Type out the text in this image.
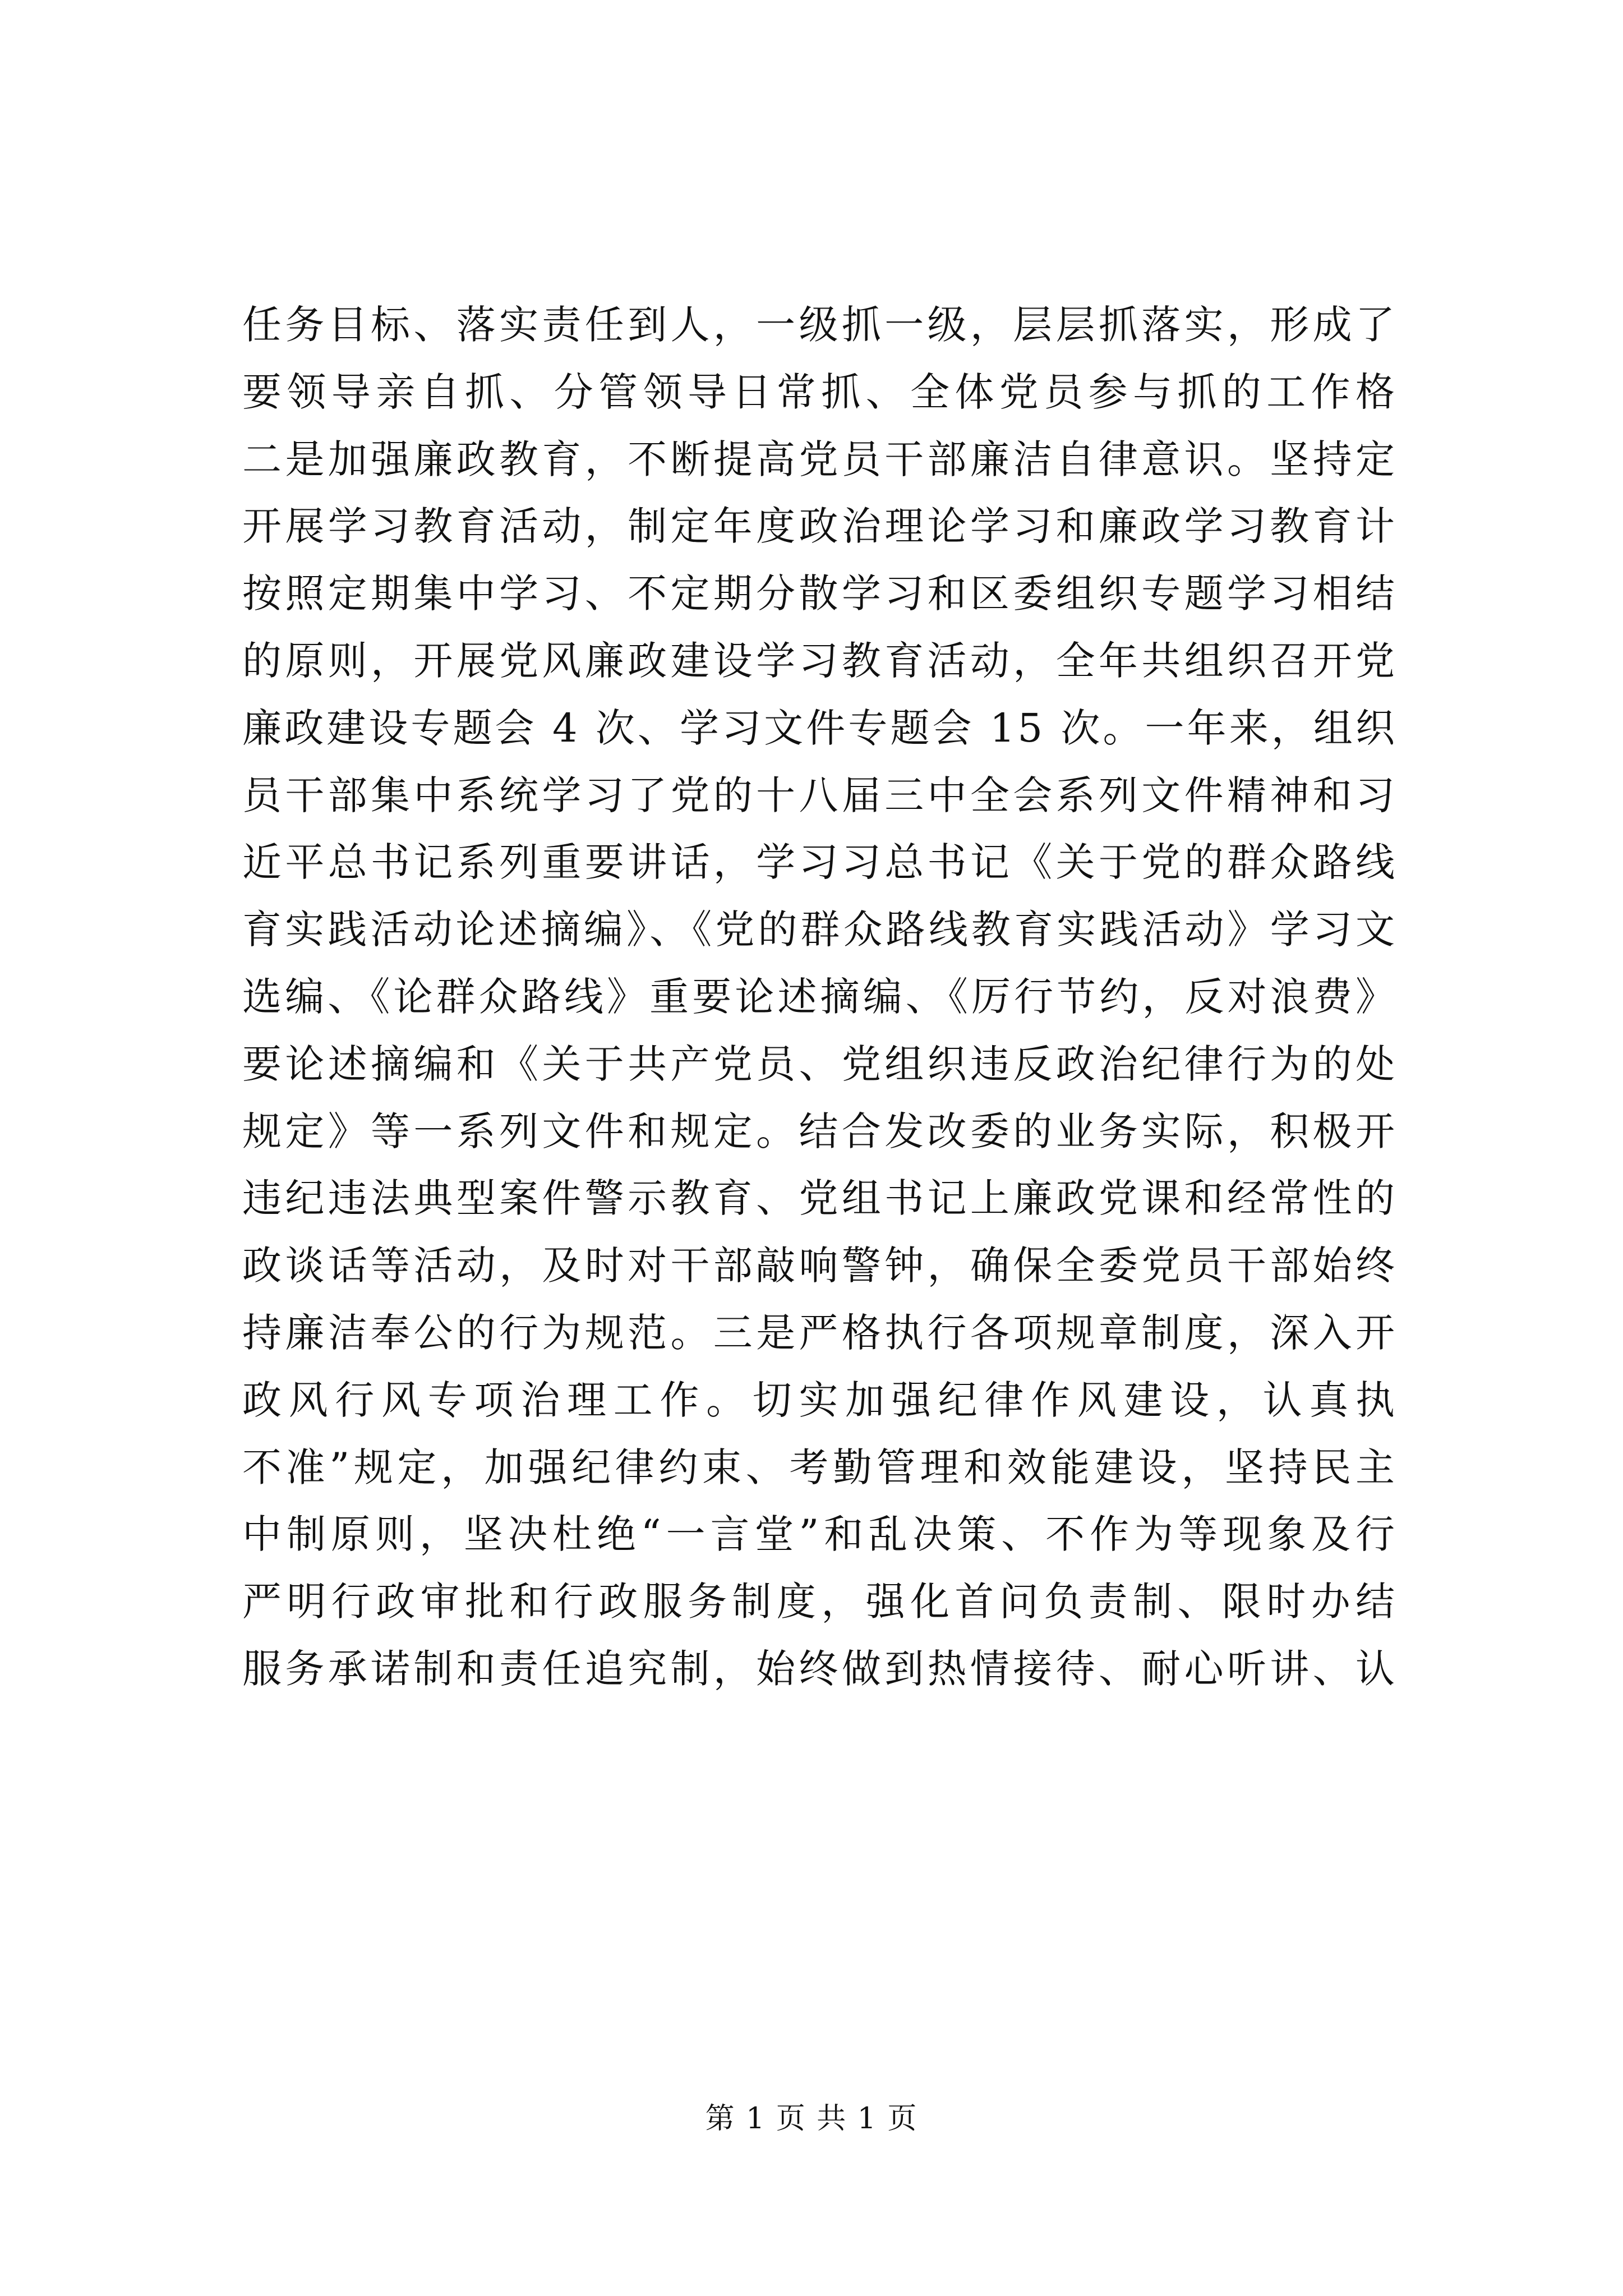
任务目标、落实责任到人，一级抓一级，层层抓落实，形成了
要领导亲自抓、分管领导日常抓、全体党员参与抓的工作格
二是加强廉政教育，不断提高党员干部廉洁自律意识。坚持定
开展学习教育活动，制定年度政治理论学习和廉政学习教育计
按照定期集中学习、不定期分散学习和区委组织专题学习相结
的原则，开展党风廉政建设学习教育活动，全年共组织召开党
廉政建设专题会 4 次、学习文件专题会 15 次。一年来，组织
员干部集中系统学习了党的十八届三中全会系列文件精神和习
近平总书记系列重要讲话，学习习总书记《关于党的群众路线
育实践活动论述摘编》、《党的群众路线教育实践活动》学习文
选编、《论群众路线》重要论述摘编、《厉行节约，反对浪费》
要论述摘编和《关于共产党员、党组织违反政治纪律行为的处
规定》等一系列文件和规定。结合发改委的业务实际，积极开
违纪违法典型案件警示教育、党组书记上廉政党课和经常性的
政谈话等活动，及时对干部敲响警钟，确保全委党员干部始终
持廉洁奉公的行为规范。三是严格执行各项规章制度，深入开
政风行风专项治理工作。切实加强纪律作风建设，认真执
不准”规定，加强纪律约束、考勤管理和效能建设，坚持民主
中制原则，坚决杜绝“一言堂”和乱决策、不作为等现象及行
严明行政审批和行政服务制度，强化首问负责制、限时办结
服务承诺制和责任追究制，始终做到热情接待、耐心听讲、认
第 1 页 共 1 页
